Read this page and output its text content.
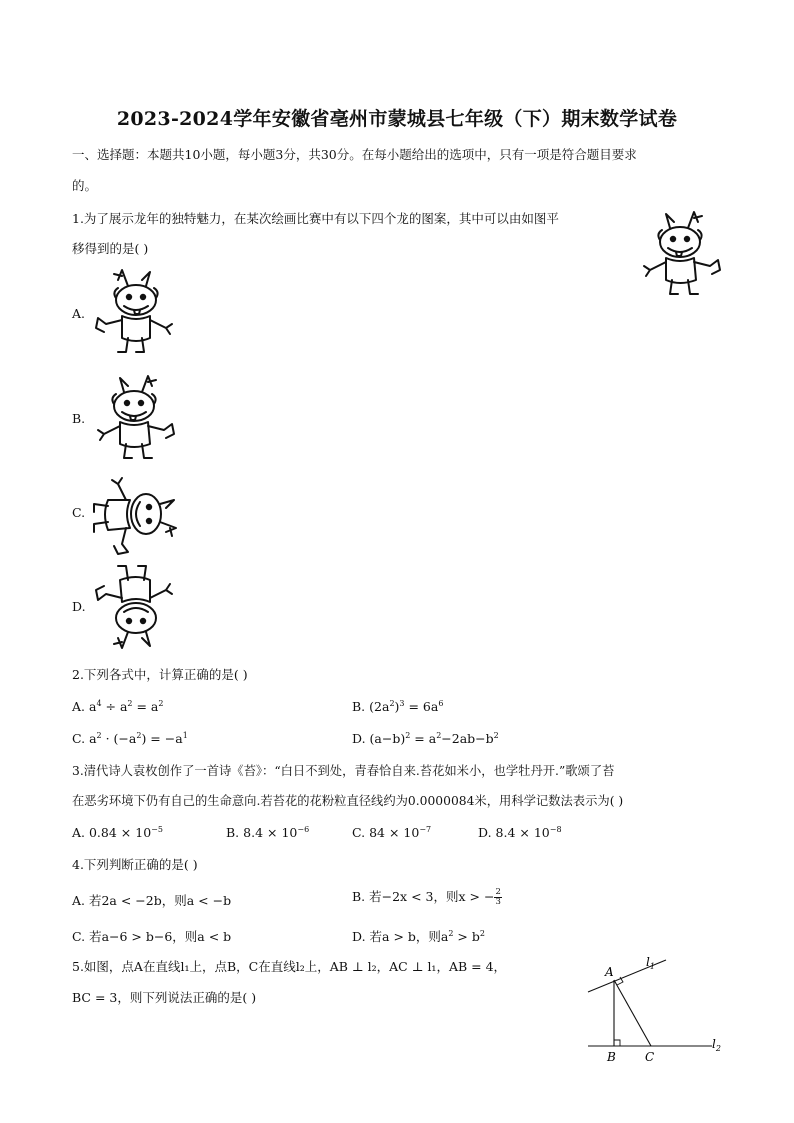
2023-2024学年安徽省亳州市蒙城县七年级（下）期末数学试卷
一、选择题：本题共10小题，每小题3分，共30分。在每小题给出的选项中，只有一项是符合题目要求
的。
1.为了展示龙年的独特魅力，在某次绘画比赛中有以下四个龙的图案，其中可以由如图平
移得到的是( )
A.
B.
C.
D.
2.下列各式中，计算正确的是( )
A. $a^4 \div a^2 = a^2$	B. $(2a^2)^3 = 6a^6$
C. $a^2 \cdot (-a^2) = -a^1$	D. $(a-b)^2 = a^2-2ab-b^2$
3.清代诗人袁枚创作了一首诗《苔》：“白日不到处，青春恰自来.苔花如米小，也学牡丹开.”歌颂了苔
在恶劣环境下仍有自己的生命意向.若苔花的花粉粒直径线约为0.0000084米，用科学记数法表示为( )
A. $0.84 \times 10^{-5}$	B. $8.4 \times 10^{-6}$	C. $84 \times 10^{-7}$	D. $8.4 \times 10^{-8}$
4.下列判断正确的是( )
A. 若2a < −2b，则a < −b	B. 若−2x < 3，则x > − $\frac{2}{3}$
C. 若a−6 > b−6，则a < b	D. 若a > b，则$a^2 > b^2$
5.如图，点A在直线l₁上，点B，C在直线l₂上，AB ⊥ l₂，AC ⊥ l₁，AB = 4，
BC = 3，则下列说法正确的是( )
A
B C
$l_1$
$l_2$
